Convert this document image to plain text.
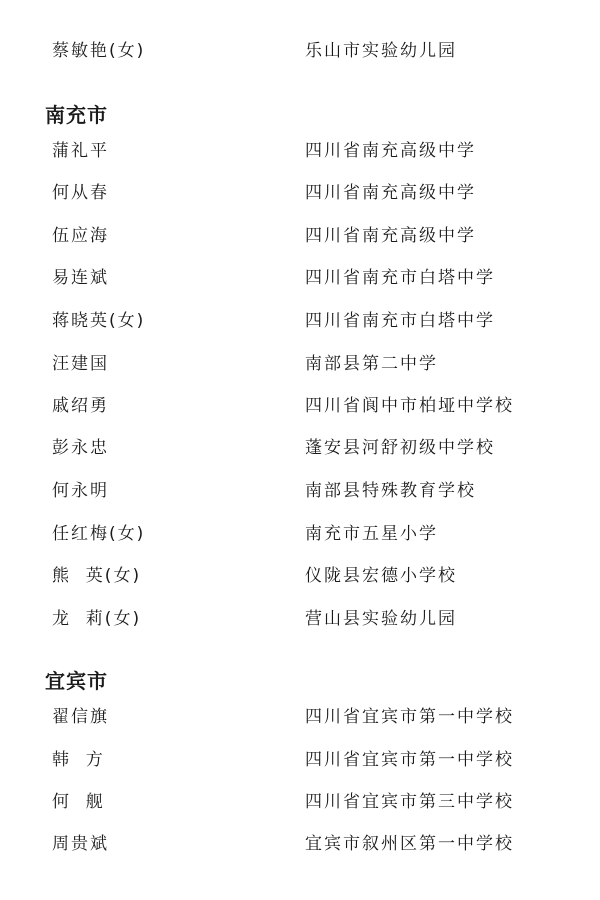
蔡敏艳(女)	乐山市实验幼儿园
南充市
蒲礼平	四川省南充高级中学
何从春	四川省南充高级中学
伍应海	四川省南充高级中学
易连斌	四川省南充市白塔中学
蒋晓英(女)	四川省南充市白塔中学
汪建国	南部县第二中学
戚绍勇	四川省阆中市柏垭中学校
彭永忠	蓬安县河舒初级中学校
何永明	南部县特殊教育学校
任红梅(女)	南充市五星小学
熊  英(女)	仪陇县宏德小学校
龙  莉(女)	营山县实验幼儿园
宜宾市
翟信旗	四川省宜宾市第一中学校
韩  方	四川省宜宾市第一中学校
何  舰	四川省宜宾市第三中学校
周贵斌	宜宾市叙州区第一中学校
